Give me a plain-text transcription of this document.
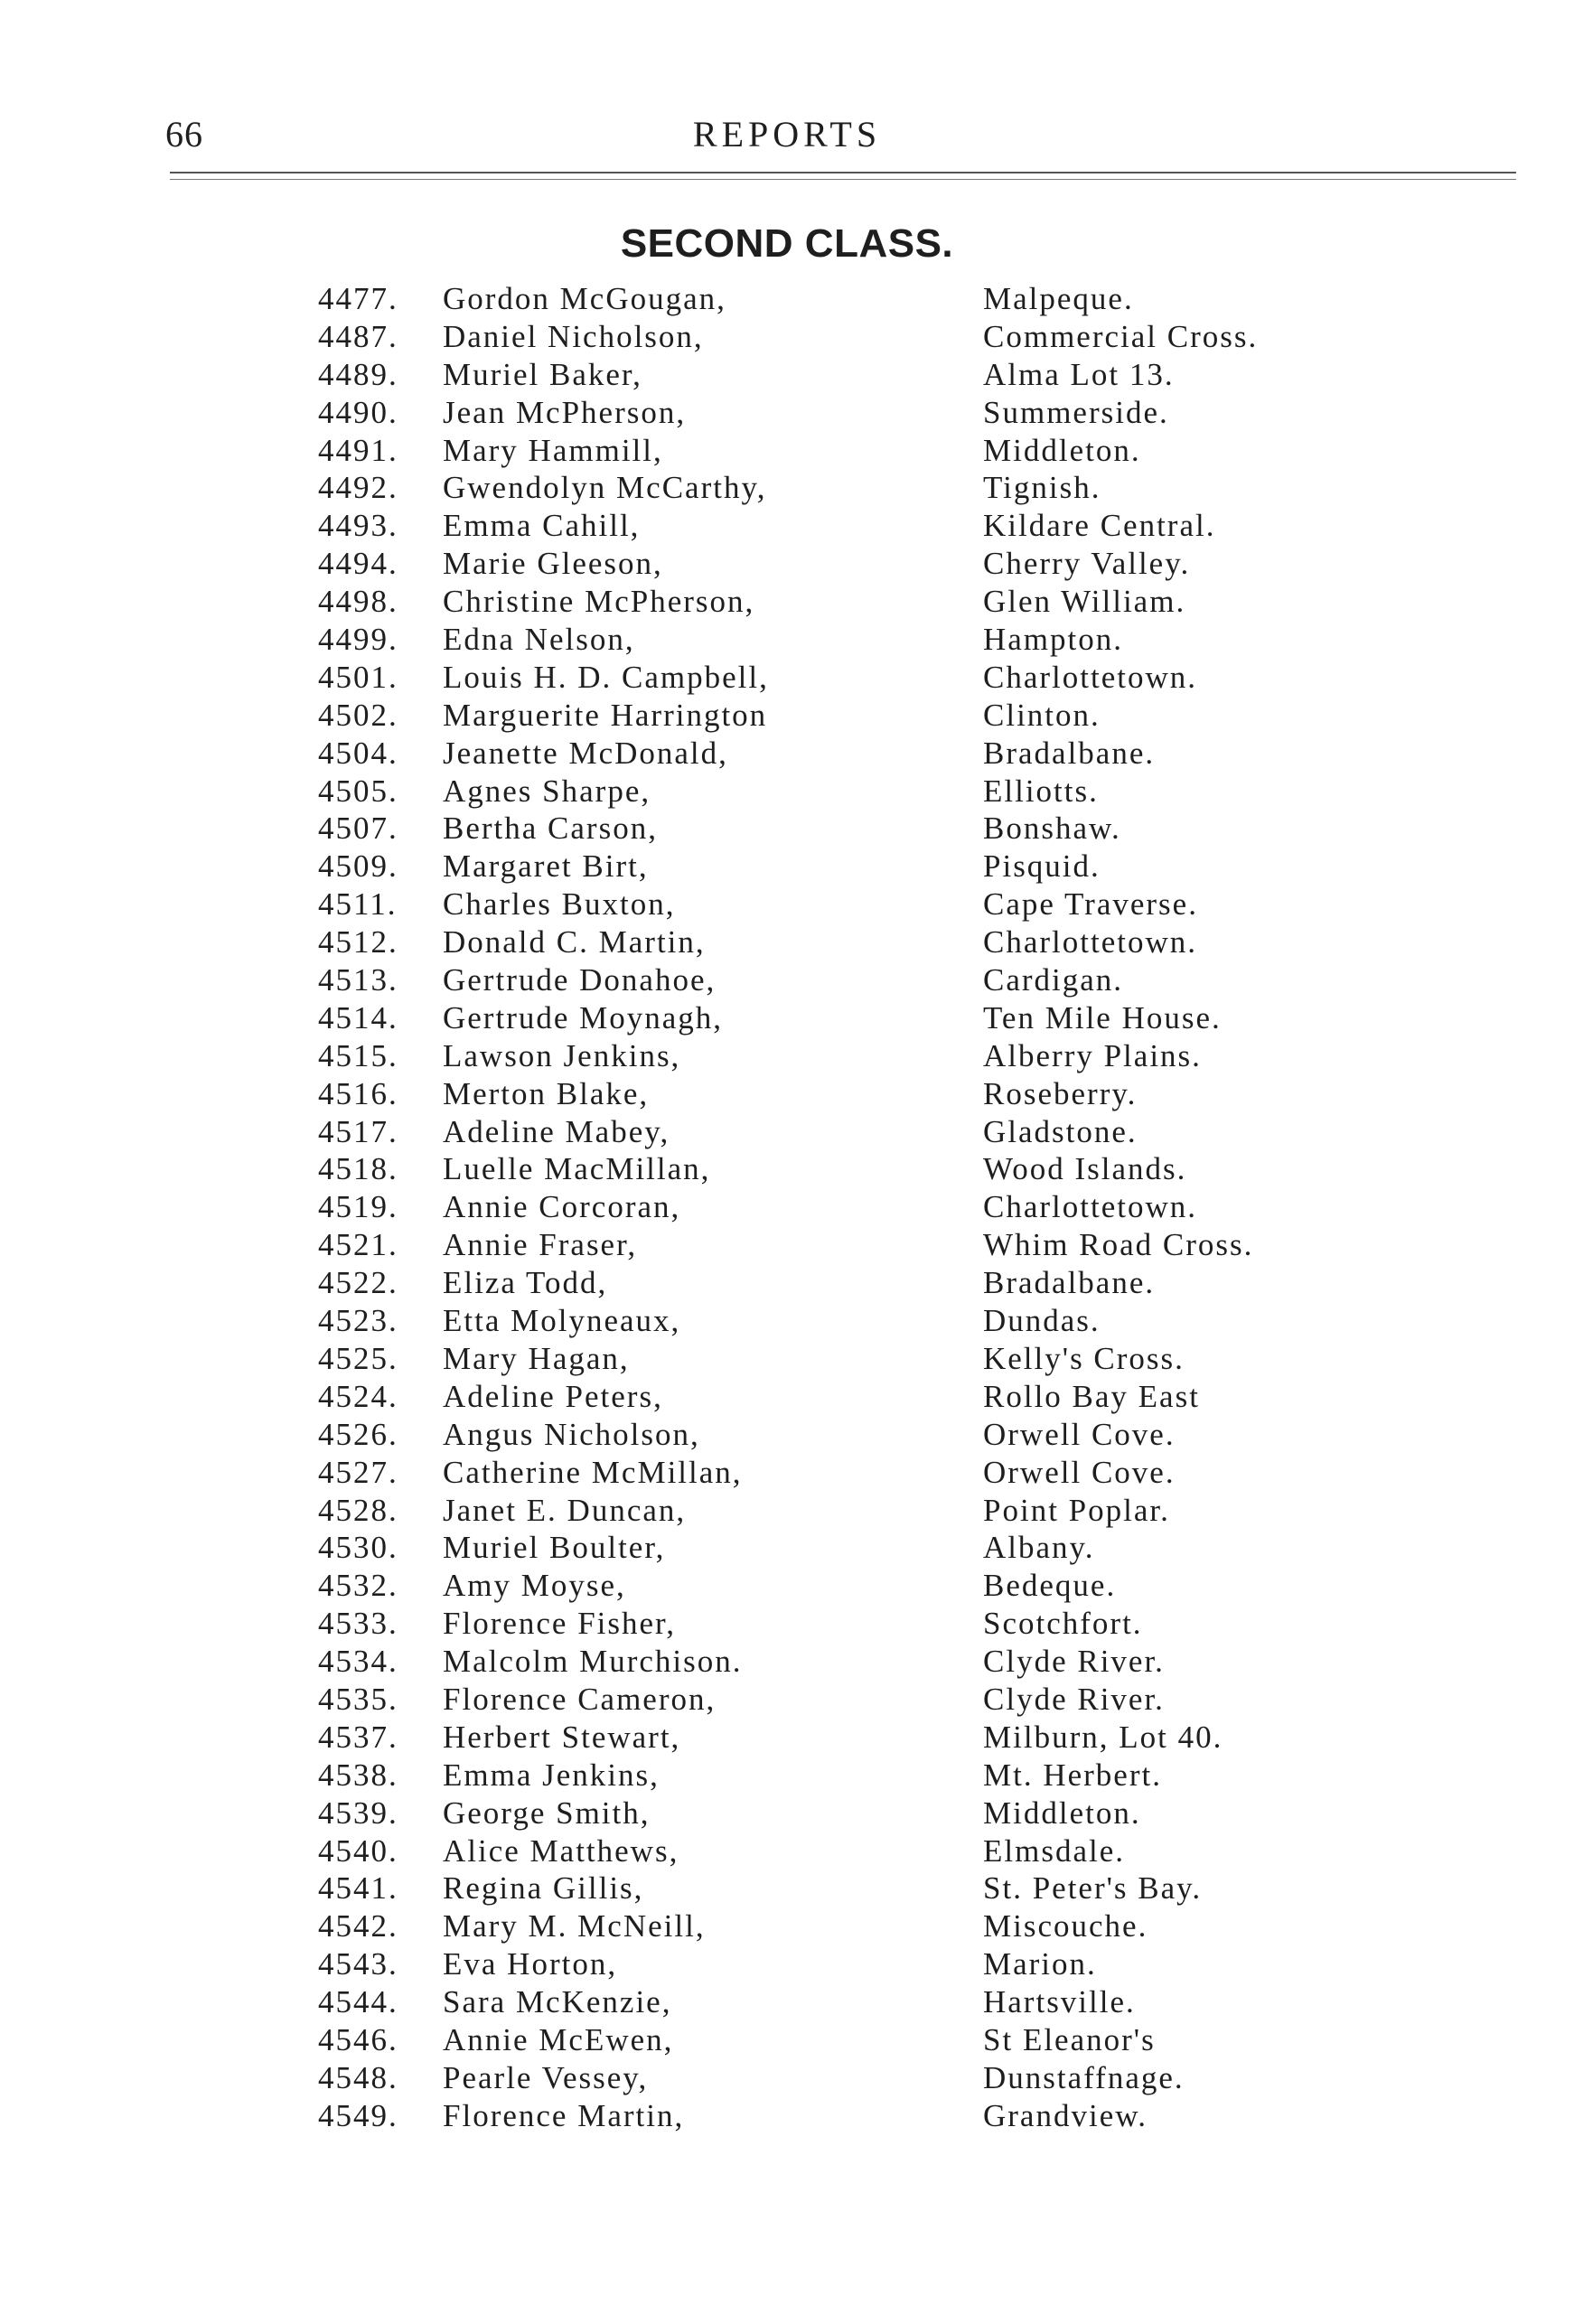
66	REPORTS
SECOND CLASS.
4477. Gordon McGougan,	Malpeque.
4487. Daniel Nicholson,	Commercial Cross.
4489. Muriel Baker,	Alma Lot 13.
4490. Jean McPherson,	Summerside.
4491. Mary Hammill,	Middleton.
4492. Gwendolyn McCarthy,	Tignish.
4493. Emma Cahill,	Kildare Central.
4494. Marie Gleeson,	Cherry Valley.
4498. Christine McPherson,	Glen William.
4499. Edna Nelson,	Hampton.
4501. Louis H. D. Campbell,	Charlottetown.
4502. Marguerite Harrington	Clinton.
4504. Jeanette McDonald,	Bradalbane.
4505. Agnes Sharpe,	Elliotts.
4507. Bertha Carson,	Bonshaw.
4509. Margaret Birt,	Pisquid.
4511. Charles Buxton,	Cape Traverse.
4512. Donald C. Martin,	Charlottetown.
4513. Gertrude Donahoe,	Cardigan.
4514. Gertrude Moynagh,	Ten Mile House.
4515. Lawson Jenkins,	Alberry Plains.
4516. Merton Blake,	Roseberry.
4517. Adeline Mabey,	Gladstone.
4518. Luelle MacMillan,	Wood Islands.
4519. Annie Corcoran,	Charlottetown.
4521. Annie Fraser,	Whim Road Cross.
4522. Eliza Todd,	Bradalbane.
4523. Etta Molyneaux,	Dundas.
4525. Mary Hagan,	Kelly's Cross.
4524. Adeline Peters,	Rollo Bay East
4526. Angus Nicholson,	Orwell Cove.
4527. Catherine McMillan,	Orwell Cove.
4528. Janet E. Duncan,	Point Poplar.
4530. Muriel Boulter,	Albany.
4532. Amy Moyse,	Bedeque.
4533. Florence Fisher,	Scotchfort.
4534. Malcolm Murchison.	Clyde River.
4535. Florence Cameron,	Clyde River.
4537. Herbert Stewart,	Milburn, Lot 40.
4538. Emma Jenkins,	Mt. Herbert.
4539. George Smith,	Middleton.
4540. Alice Matthews,	Elmsdale.
4541. Regina Gillis,	St. Peter's Bay.
4542. Mary M. McNeill,	Miscouche.
4543. Eva Horton,	Marion.
4544. Sara McKenzie,	Hartsville.
4546. Annie McEwen,	St Eleanor's
4548. Pearle Vessey,	Dunstaffnage.
4549. Florence Martin,	Grandview.
